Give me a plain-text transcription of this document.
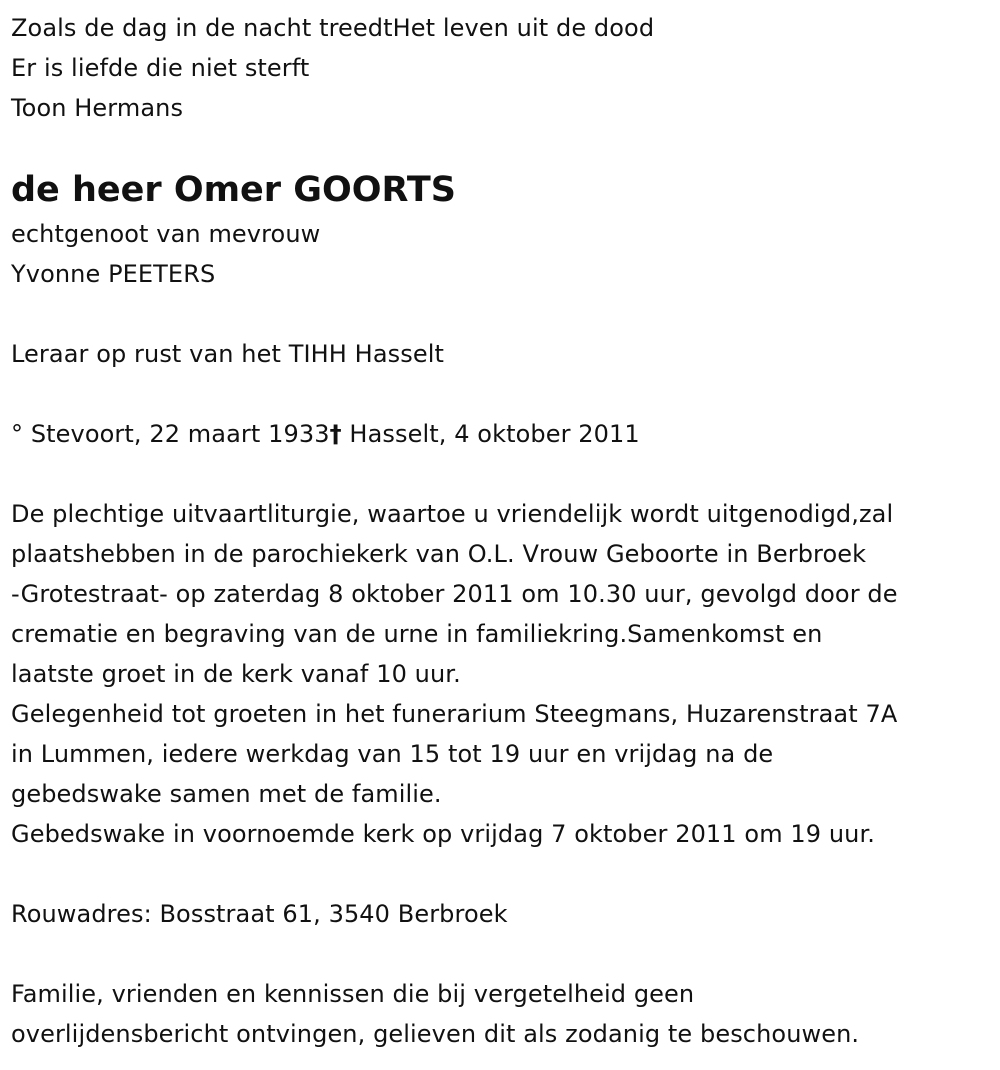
Zoals de dag in de nacht treedtHet leven uit de dood
Er is liefde die niet sterft
Toon Hermans
de heer Omer GOORTS
echtgenoot van mevrouw
Yvonne PEETERS
Leraar op rust van het TIHH Hasselt
° Stevoort, 22 maart 1933† Hasselt, 4 oktober 2011
De plechtige uitvaartliturgie, waartoe u vriendelijk wordt uitgenodigd,zal
plaatshebben in de parochiekerk van O.L. Vrouw Geboorte in Berbroek
-Grotestraat- op zaterdag 8 oktober 2011 om 10.30 uur, gevolgd door de
crematie en begraving van de urne in familiekring.Samenkomst en
laatste groet in de kerk vanaf 10 uur.
Gelegenheid tot groeten in het funerarium Steegmans, Huzarenstraat 7A
in Lummen, iedere werkdag van 15 tot 19 uur en vrijdag na de
gebedswake samen met de familie.
Gebedswake in voornoemde kerk op vrijdag 7 oktober 2011 om 19 uur.
Rouwadres: Bosstraat 61, 3540 Berbroek
Familie, vrienden en kennissen die bij vergetelheid geen
overlijdensbericht ontvingen, gelieven dit als zodanig te beschouwen.
